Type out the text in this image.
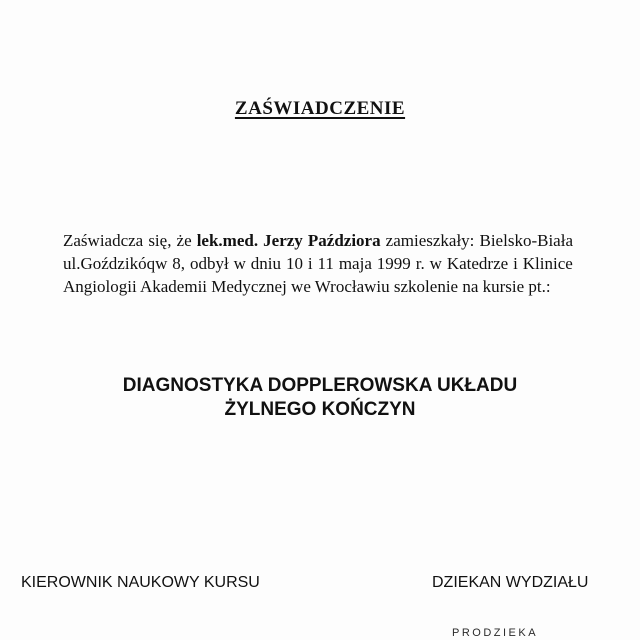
ZAŚWIADCZENIE
Zaświadcza się, że lek.med. Jerzy Paździora zamieszkały: Bielsko-Biała
ul.Goździkóqw 8, odbył w dniu 10 i 11 maja 1999 r. w Katedrze i Klinice
Angiologii Akademii Medycznej we Wrocławiu szkolenie na kursie pt.:
DIAGNOSTYKA DOPPLEROWSKA UKŁADU
ŻYLNEGO KOŃCZYN
KIEROWNIK NAUKOWY KURSU	DZIEKAN WYDZIAŁU
PRODZIEKA
